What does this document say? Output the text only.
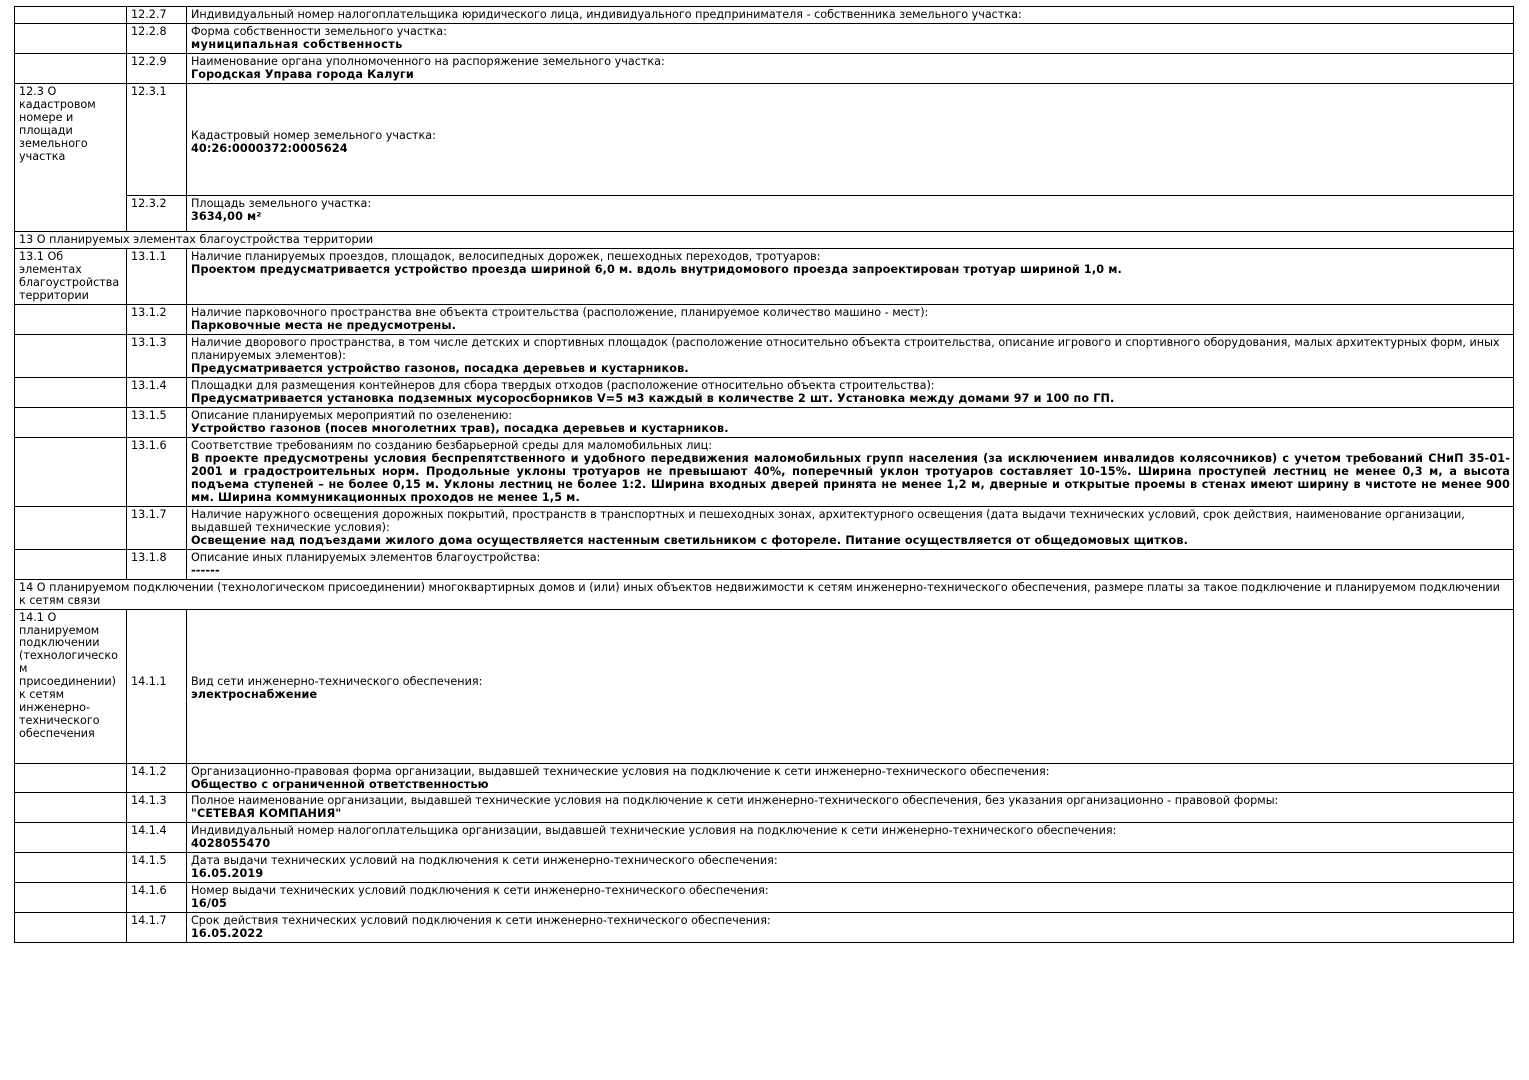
	12.2.7	Индивидуальный номер налогоплательщика юридического лица, индивидуального предпринимателя - собственника земельного участка:

	12.2.8	Форма собственности земельного участка:
муниципальная собственность

	12.2.9	Наименование органа уполномоченного на распоряжение земельного участка:
Городская Управа города Калуги

12.3 О кадастровом номере и площади земельного участка	12.3.1	Кадастровый номер земельного участка:
40:26:0000372:0005624

	12.3.2	Площадь земельного участка:
3634,00 м²

13 О планируемых элементах благоустройства территории		
13.1 Об элементах благоустройства территории	13.1.1	Наличие планируемых проездов, площадок, велосипедных дорожек, пешеходных переходов, тротуаров:
Проектом предусматривается устройство проезда шириной 6,0 м. вдоль внутридомового проезда запроектирован тротуар шириной 1,0 м.

	13.1.2	Наличие парковочного пространства вне объекта строительства (расположение, планируемое количество машино - мест):
Парковочные места не предусмотрены.

	13.1.3	Наличие дворового пространства, в том числе детских и спортивных площадок (расположение относительно объекта строительства, описание игрового и спортивного оборудования, малых архитектурных форм, иных планируемых элементов):
Предусматривается устройство газонов, посадка деревьев и кустарников.

	13.1.4	Площадки для размещения контейнеров для сбора твердых отходов (расположение относительно объекта строительства):
Предусматривается установка подземных мусоросборников V=5 м3 каждый в количестве 2 шт. Установка между домами 97 и 100 по ГП.

	13.1.5	Описание планируемых мероприятий по озеленению:
Устройство газонов (посев многолетних трав), посадка деревьев и кустарников.

	13.1.6	Соответствие требованиям по созданию безбарьерной среды для маломобильных лиц:
В проекте предусмотрены условия беспрепятственного и удобного передвижения маломобильных групп населения (за исключением инвалидов колясочников) с учетом требований СНиП 35-01-2001 и градостроительных норм. Продольные уклоны тротуаров не превышают 40%, поперечный уклон тротуаров составляет 10-15%. Ширина проступей лестниц не менее 0,3 м, а высота подъема ступеней – не более 0,15 м. Уклоны лестниц не более 1:2. Ширина входных дверей принята не менее 1,2 м, дверные и открытые проемы в стенах имеют ширину в чистоте не менее 900 мм. Ширина коммуникационных проходов не менее 1,5 м.

	13.1.7	Наличие наружного освещения дорожных покрытий, пространств в транспортных и пешеходных зонах, архитектурного освещения (дата выдачи технических условий, срок действия, наименование организации, выдавшей технические условия):
Освещение над подъездами жилого дома осуществляется настенным светильником с фотореле. Питание осуществляется от общедомовых щитков.

	13.1.8	Описание иных планируемых элементов благоустройства:
------

14 О планируемом подключении (технологическом присоединении) многоквартирных домов и (или) иных объектов недвижимости к сетям инженерно-технического обеспечения, размере платы за такое подключение и планируемом подключении к сетям связи		
14.1 О планируемом подключении (технологическом присоединении) к сетям инженерно-технического обеспечения	14.1.1	Вид сети инженерно-технического обеспечения:
электроснабжение

	14.1.2	Организационно-правовая форма организации, выдавшей технические условия на подключение к сети инженерно-технического обеспечения:
Общество с ограниченной ответственностью

	14.1.3	Полное наименование организации, выдавшей технические условия на подключение к сети инженерно-технического обеспечения, без указания организационно - правовой формы:
"СЕТЕВАЯ КОМПАНИЯ"

	14.1.4	Индивидуальный номер налогоплательщика организации, выдавшей технические условия на подключение к сети инженерно-технического обеспечения:
4028055470

	14.1.5	Дата выдачи технических условий на подключения к сети инженерно-технического обеспечения:
16.05.2019

	14.1.6	Номер выдачи технических условий подключения к сети инженерно-технического обеспечения:
16/05

	14.1.7	Срок действия технических условий подключения к сети инженерно-технического обеспечения:
16.05.2022
